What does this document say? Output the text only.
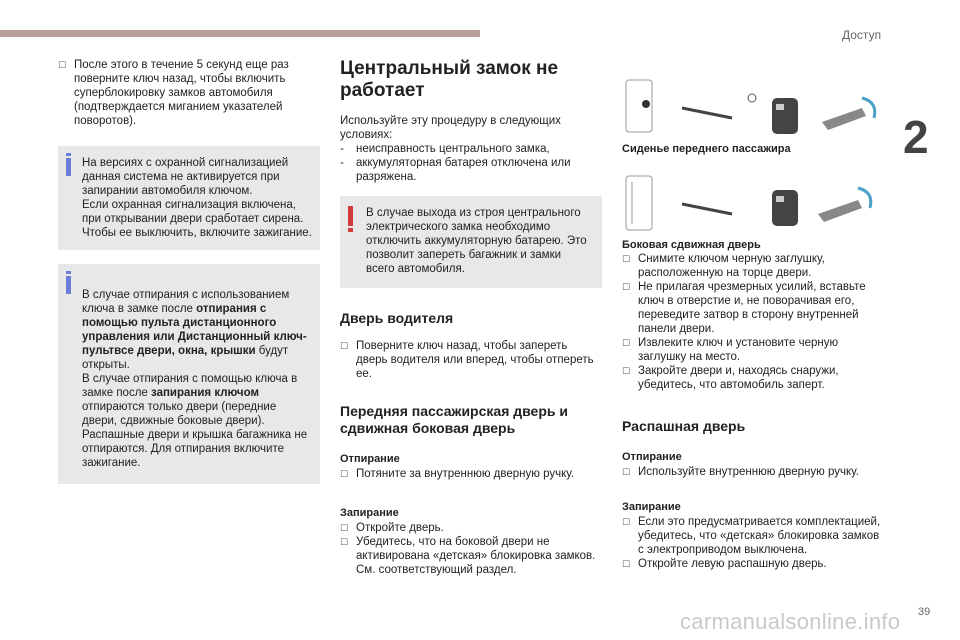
Доступ
2
39
carmanualsonline.info

☐ После этого в течение 5 секунд еще раз повернитe ключ назад, чтобы включить суперблокировку замков автомобиля (подтверждается миганием указателей поворотов).

На версиях с охранной сигнализацией данная система не активируется при запирании автомобиля ключом.
Если охранная сигнализация включена, при открывании двери сработает сирена. Чтобы ее выключить, включите зажигание.

В случае отпирания с использованием ключа в замке после отпирания с помощью пульта дистанционного управления или Дистанционный ключ-пультвсе двери, окна, крышки будут открыты.
В случае отпирания с помощью ключа в замке после запирания ключом отпираются только двери (передние двери, сдвижные боковые двери). Распашные двери и крышка багажника не отпираются. Для отпирания включите зажигание.

Центральный замок не работает

Используйте эту процедуру в следующих условиях:

- неисправность центрального замка,

- аккумуляторная батарея отключена или разряжена.

В случае выхода из строя центрального электрического замка необходимо отключить аккумуляторную батарею. Это позволит запереть багажник и замки всего автомобиля.

Дверь водителя

☐ Повернитe ключ назад, чтобы запереть дверь водителя или вперед, чтобы отпереть ее.

Передняя пассажирская дверь и сдвижная боковая дверь
Отпирание

☐ Потяните за внутреннюю дверную ручку.

Запирание

☐ Откройте дверь.

☐ Убедитесь, что на боковой двери не активирована «детская» блокировка замков. См. соответствующий раздел.

Сиденье переднего пассажира

Боковая сдвижная дверь

☐ Снимите ключом черную заглушку, расположенную на торце двери.

☐ Не прилагая чрезмерных усилий, вставьте ключ в отверстие и, не поворачивая его, переведите затвор в сторону внутренней панели двери.

☐ Извлеките ключ и установите черную заглушку на место.

☐ Закройте двери и, находясь снаружи, убедитесь, что автомобиль заперт.

Распашная дверь
Отпирание

☐ Используйте внутреннюю дверную ручку.

Запирание

☐ Если это предусматривается комплектацией, убедитесь, что «детская» блокировка замков с электроприводом выключена.

☐ Откройте левую распашную дверь.
